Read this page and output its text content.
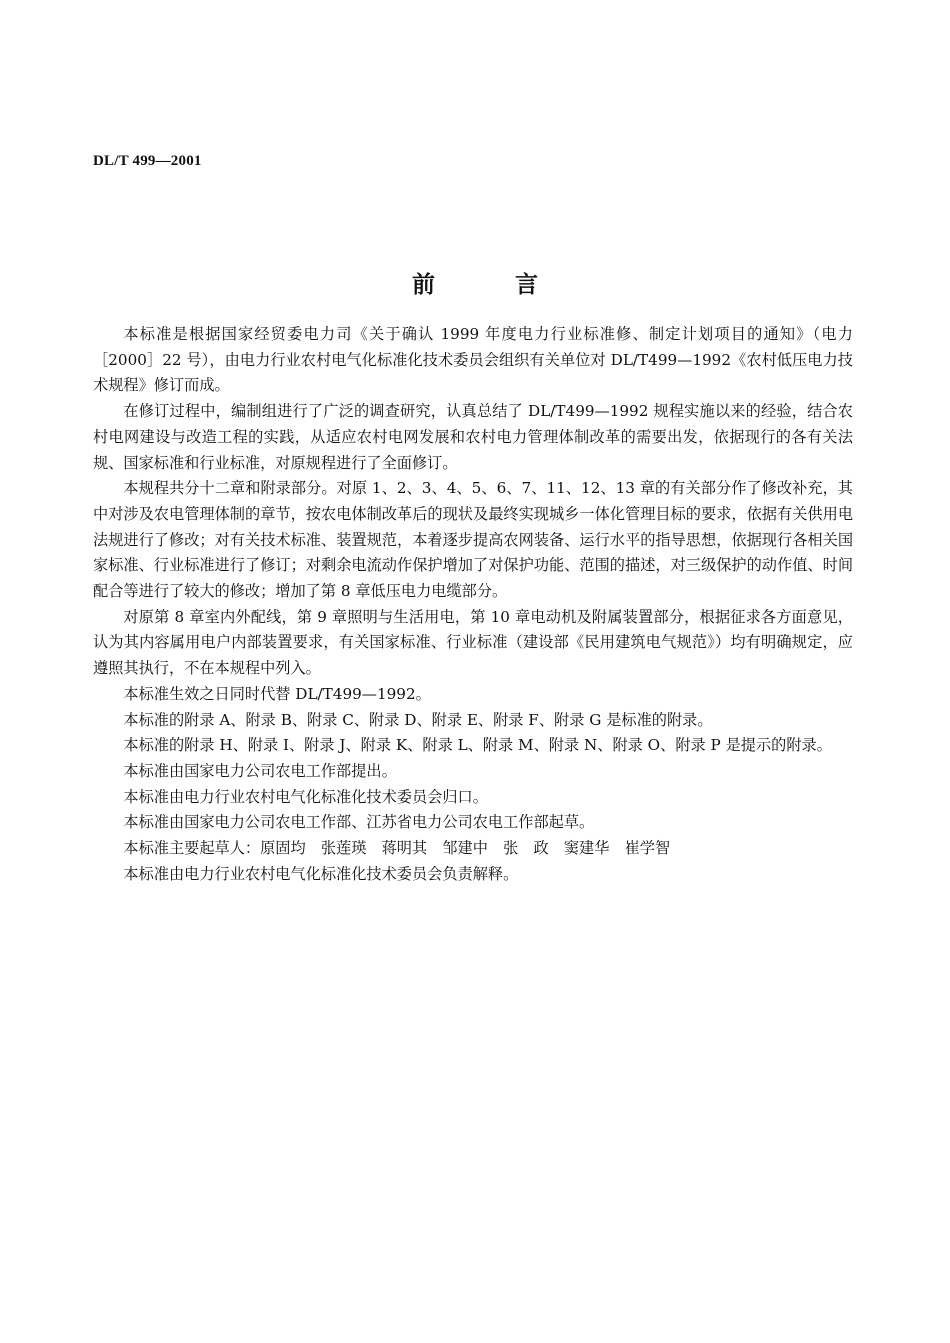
DL/T 499—2001
前言

本标准是根据国家经贸委电力司《关于确认 1999 年度电力行业标准修、制定计划项目的通知》（电力［2000］22 号），由电力行业农村电气化标准化技术委员会组织有关单位对 DL/T499—1992《农村低压电力技术规程》修订而成。

在修订过程中，编制组进行了广泛的调查研究，认真总结了 DL/T499—1992 规程实施以来的经验，结合农村电网建设与改造工程的实践，从适应农村电网发展和农村电力管理体制改革的需要出发，依据现行的各有关法规、国家标准和行业标准，对原规程进行了全面修订。

本规程共分十二章和附录部分。对原 1、2、3、4、5、6、7、11、12、13 章的有关部分作了修改补充，其中对涉及农电管理体制的章节，按农电体制改革后的现状及最终实现城乡一体化管理目标的要求，依据有关供用电法规进行了修改；对有关技术标准、装置规范，本着逐步提高农网装备、运行水平的指导思想，依据现行各相关国家标准、行业标准进行了修订；对剩余电流动作保护增加了对保护功能、范围的描述，对三级保护的动作值、时间配合等进行了较大的修改；增加了第 8 章低压电力电缆部分。

对原第 8 章室内外配线，第 9 章照明与生活用电，第 10 章电动机及附属装置部分，根据征求各方面意见，认为其内容属用电户内部装置要求，有关国家标准、行业标准（建设部《民用建筑电气规范》）均有明确规定，应遵照其执行，不在本规程中列入。

本标准生效之日同时代替 DL/T499—1992。

本标准的附录 A、附录 B、附录 C、附录 D、附录 E、附录 F、附录 G 是标准的附录。

本标准的附录 H、附录 I、附录 J、附录 K、附录 L、附录 M、附录 N、附录 O、附录 P 是提示的附录。

本标准由国家电力公司农电工作部提出。

本标准由电力行业农村电气化标准化技术委员会归口。

本标准由国家电力公司农电工作部、江苏省电力公司农电工作部起草。

本标准主要起草人：原固均　张莲瑛　蒋明其　邹建中　张　政　窦建华　崔学智

本标准由电力行业农村电气化标准化技术委员会负责解释。
